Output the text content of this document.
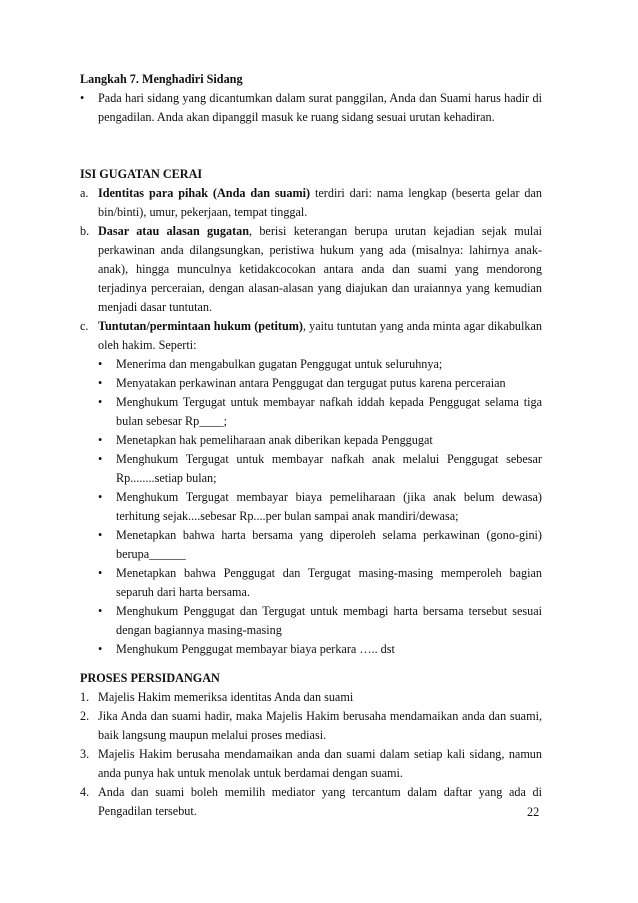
Langkah 7. Menghadiri Sidang
•	Pada hari sidang yang dicantumkan dalam surat panggilan, Anda dan Suami harus hadir di pengadilan. Anda akan dipanggil masuk ke ruang sidang sesuai urutan kehadiran.
ISI GUGATAN CERAI
a. Identitas para pihak (Anda dan suami) terdiri dari: nama lengkap (beserta gelar dan bin/binti), umur, pekerjaan, tempat tinggal.
b. Dasar atau alasan gugatan, berisi keterangan berupa urutan kejadian sejak mulai perkawinan anda dilangsungkan, peristiwa hukum yang ada (misalnya: lahirnya anak-anak), hingga munculnya ketidakcocokan antara anda dan suami yang mendorong terjadinya perceraian, dengan alasan-alasan yang diajukan dan uraiannya yang kemudian menjadi dasar tuntutan.
c. Tuntutan/permintaan hukum (petitum), yaitu tuntutan yang anda minta agar dikabulkan oleh hakim. Seperti:
•	Menerima dan mengabulkan gugatan Penggugat untuk seluruhnya;
•	Menyatakan perkawinan antara Penggugat dan tergugat putus karena perceraian
•	Menghukum Tergugat untuk membayar nafkah iddah kepada Penggugat selama tiga bulan sebesar Rp____;
•	Menetapkan hak pemeliharaan anak diberikan kepada Penggugat
•	Menghukum Tergugat untuk membayar nafkah anak melalui Penggugat sebesar Rp........setiap bulan;
•	Menghukum Tergugat membayar biaya pemeliharaan (jika anak belum dewasa) terhitung sejak....sebesar Rp....per bulan sampai anak mandiri/dewasa;
•	Menetapkan bahwa harta bersama yang diperoleh selama perkawinan (gono-gini) berupa______
•	Menetapkan bahwa Penggugat dan Tergugat masing-masing memperoleh bagian separuh dari harta bersama.
•	Menghukum Penggugat dan Tergugat untuk membagi harta bersama tersebut sesuai dengan bagiannya masing-masing
•	Menghukum Penggugat membayar biaya perkara ….. dst
PROSES PERSIDANGAN
1. Majelis Hakim memeriksa identitas Anda dan suami
2. Jika Anda dan suami hadir, maka Majelis Hakim berusaha mendamaikan anda dan suami, baik langsung maupun melalui proses mediasi.
3. Majelis Hakim berusaha mendamaikan anda dan suami dalam setiap kali sidang, namun anda punya hak untuk menolak untuk berdamai dengan suami.
4. Anda dan suami boleh memilih mediator yang tercantum dalam daftar yang ada di Pengadilan tersebut.	22
